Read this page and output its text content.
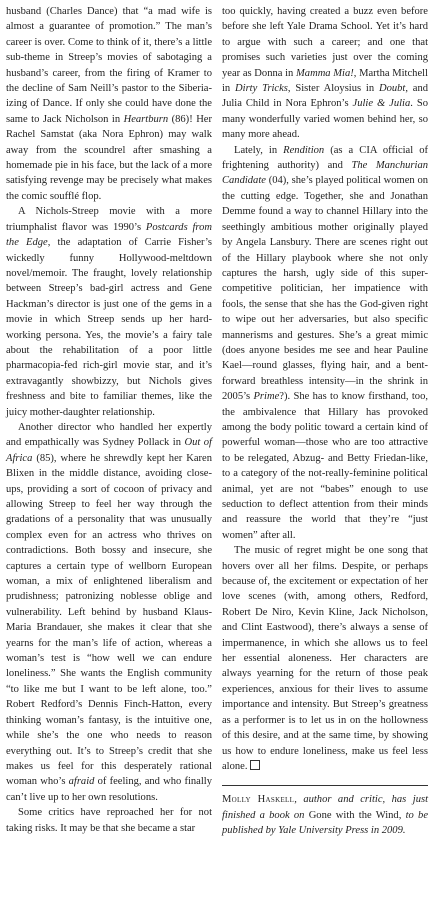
husband (Charles Dance) that “a mad wife is almost a guarantee of promotion.” The man’s career is over. Come to think of it, there’s a little sub-theme in Streep’s movies of sabotaging a husband’s career, from the firing of Kramer to the decline of Sam Neill’s pastor to the Siberia-izing of Dance. If only she could have done the same to Jack Nicholson in Heartburn (86)! Her Rachel Samstat (aka Nora Ephron) may walk away from the scoundrel after smashing a homemade pie in his face, but the lack of a more satisfying revenge may be precisely what makes the comic soufflé flop.

A Nichols-Streep movie with a more triumphalist flavor was 1990’s Postcards from the Edge, the adaptation of Carrie Fisher’s wickedly funny Hollywood-meltdown novel/memoir. The fraught, lovely relationship between Streep’s bad-girl actress and Gene Hackman’s director is just one of the gems in a movie in which Streep sends up her hard-working persona. Yes, the movie’s a fairy tale about the rehabilitation of a poor little pharmacopia-fed rich-girl movie star, and it’s extravagantly showbizzy, but Nichols gives freshness and bite to familiar themes, like the juicy mother-daughter relationship.

Another director who handled her expertly and empathically was Sydney Pollack in Out of Africa (85), where he shrewdly kept her Karen Blixen in the middle distance, avoiding close-ups, providing a sort of cocoon of privacy and allowing Streep to feel her way through the gradations of a personality that was unusually complex even for an actress who thrives on contradictions. Both bossy and insecure, she captures a certain type of wellborn European woman, a mix of enlightened liberalism and prudishness; patronizing noblesse oblige and vulnerability. Left behind by husband Klaus-Maria Brandauer, she makes it clear that she yearns for the man’s life of action, whereas a woman’s test is “how well we can endure loneliness.” She wants the English community “to like me but I want to be left alone, too.” Robert Redford’s Dennis Finch-Hatton, every thinking woman’s fantasy, is the intuitive one, while she’s the one who needs to reason everything out. It’s to Streep’s credit that she makes us feel for this desperately rational woman who’s afraid of feeling, and who finally can’t live up to her own resolutions.

Some critics have reproached her for not taking risks. It may be that she became a star

too quickly, having created a buzz even before before she left Yale Drama School. Yet it’s hard to argue with such a career; and one that promises such varieties just over the coming year as Donna in Mamma Mia!, Martha Mitchell in Dirty Tricks, Sister Aloysius in Doubt, and Julia Child in Nora Ephron’s Julie & Julia. So many wonderfully varied women behind her, so many more ahead.

Lately, in Rendition (as a CIA official of frightening authority) and The Manchurian Candidate (04), she’s played political women on the cutting edge. Together, she and Jonathan Demme found a way to channel Hillary into the seethingly ambitious mother originally played by Angela Lansbury. There are scenes right out of the Hillary playbook where she not only captures the harsh, ugly side of this super-competitive politician, her impatience with fools, the sense that she has the God-given right to wipe out her adversaries, but also specific mannerisms and gestures. She’s a great mimic (does anyone besides me see and hear Pauline Kael—round glasses, flying hair, and a bent-forward breathless intensity—in the shrink in 2005’s Prime?). She has to know firsthand, too, the ambivalence that Hillary has provoked among the body politic toward a certain kind of powerful woman—those who are too attractive to be relegated, Abzug- and Betty Friedan-like, to a category of the not-really-feminine political animal, yet are not “babes” enough to use seduction to deflect attention from their minds and reassure the world that they’re “just women” after all.

The music of regret might be one song that hovers over all her films. Despite, or perhaps because of, the excitement or expectation of her love scenes (with, among others, Redford, Robert De Niro, Kevin Kline, Jack Nicholson, and Clint Eastwood), there’s always a sense of impermanence, in which she allows us to feel her essential aloneness. Her characters are always yearning for the return of those peak experiences, anxious for their lives to assume importance and intensity. But Streep’s greatness as a performer is to let us in on the hollowness of this desire, and at the same time, by showing us how to endure loneliness, make us feel less alone.

Molly Haskell, author and critic, has just finished a book on Gone with the Wind, to be published by Yale University Press in 2009.
